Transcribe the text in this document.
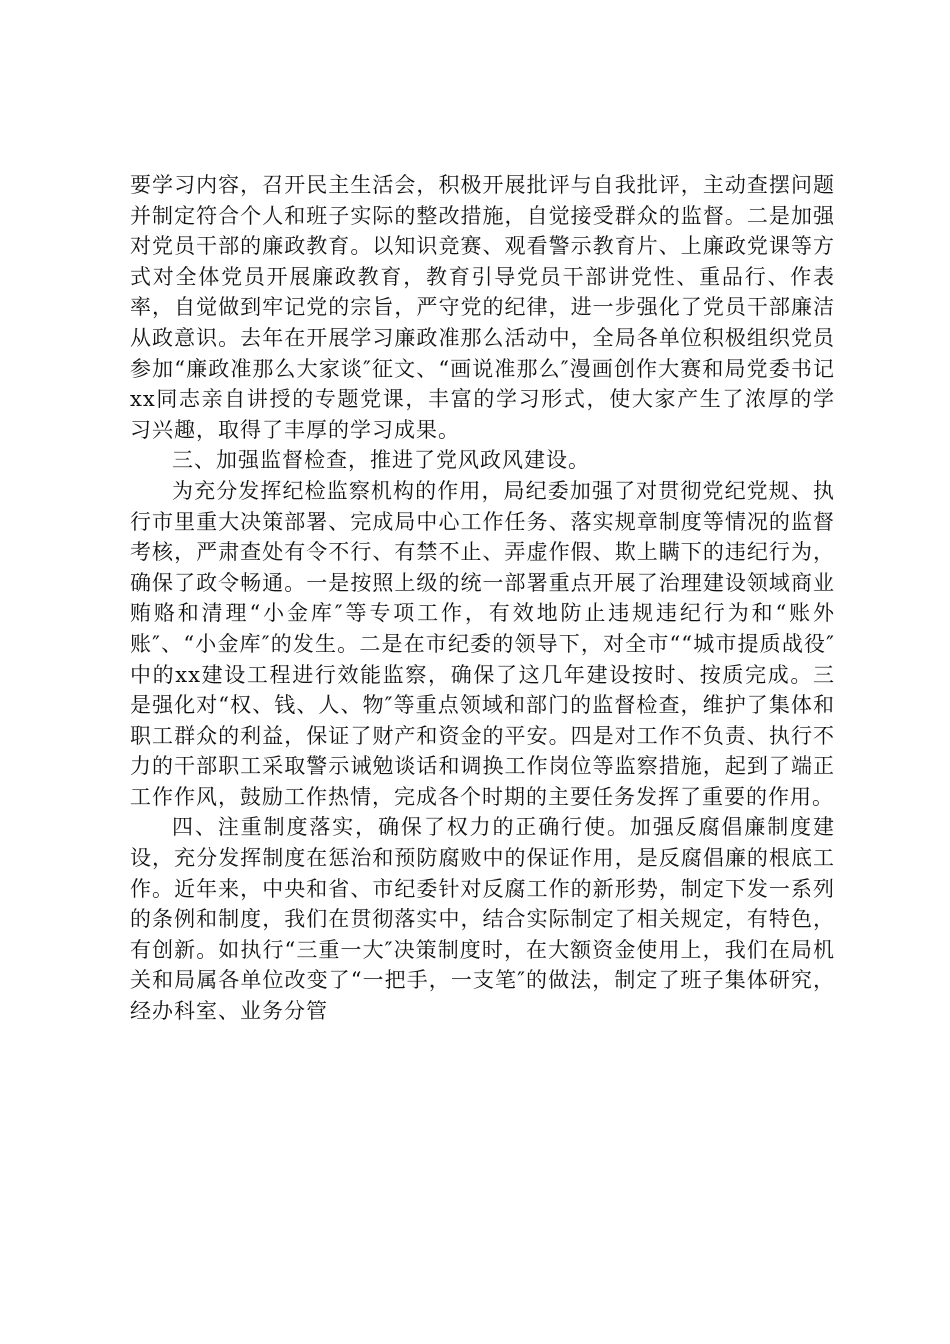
要学习内容，召开民主生活会，积极开展批评与自我批评，主动查摆问题并制定符合个人和班子实际的整改措施，自觉接受群众的监督。二是加强对党员干部的廉政教育。以知识竞赛、观看警示教育片、上廉政党课等方式对全体党员开展廉政教育，教育引导党员干部讲党性、重品行、作表率，自觉做到牢记党的宗旨，严守党的纪律，进一步强化了党员干部廉洁从政意识。去年在开展学习廉政准那么活动中，全局各单位积极组织党员参加“廉政准那么大家谈″征文、“画说准那么″漫画创作大赛和局党委书记xx同志亲自讲授的专题党课，丰富的学习形式，使大家产生了浓厚的学习兴趣，取得了丰厚的学习成果。

三、加强监督检查，推进了党风政风建设。

为充分发挥纪检监察机构的作用，局纪委加强了对贯彻党纪党规、执行市里重大决策部署、完成局中心工作任务、落实规章制度等情况的监督考核，严肃查处有令不行、有禁不止、弄虚作假、欺上瞒下的违纪行为，确保了政令畅通。一是按照上级的统一部署重点开展了治理建设领域商业贿赂和清理“小金库″等专项工作，有效地防止违规违纪行为和“账外账″、“小金库″的发生。二是在市纪委的领导下，对全市““城市提质战役″中的xx建设工程进行效能监察，确保了这几年建设按时、按质完成。三是强化对“权、钱、人、物″等重点领域和部门的监督检查，维护了集体和职工群众的利益，保证了财产和资金的平安。四是对工作不负责、执行不力的干部职工采取警示诫勉谈话和调换工作岗位等监察措施，起到了端正工作作风，鼓励工作热情，完成各个时期的主要任务发挥了重要的作用。

四、注重制度落实，确保了权力的正确行使。加强反腐倡廉制度建设，充分发挥制度在惩治和预防腐败中的保证作用，是反腐倡廉的根底工作。近年来，中央和省、市纪委针对反腐工作的新形势，制定下发一系列的条例和制度，我们在贯彻落实中，结合实际制定了相关规定，有特色，有创新。如执行“三重一大″决策制度时，在大额资金使用上，我们在局机关和局属各单位改变了“一把手，一支笔″的做法，制定了班子集体研究，经办科室、业务分管
